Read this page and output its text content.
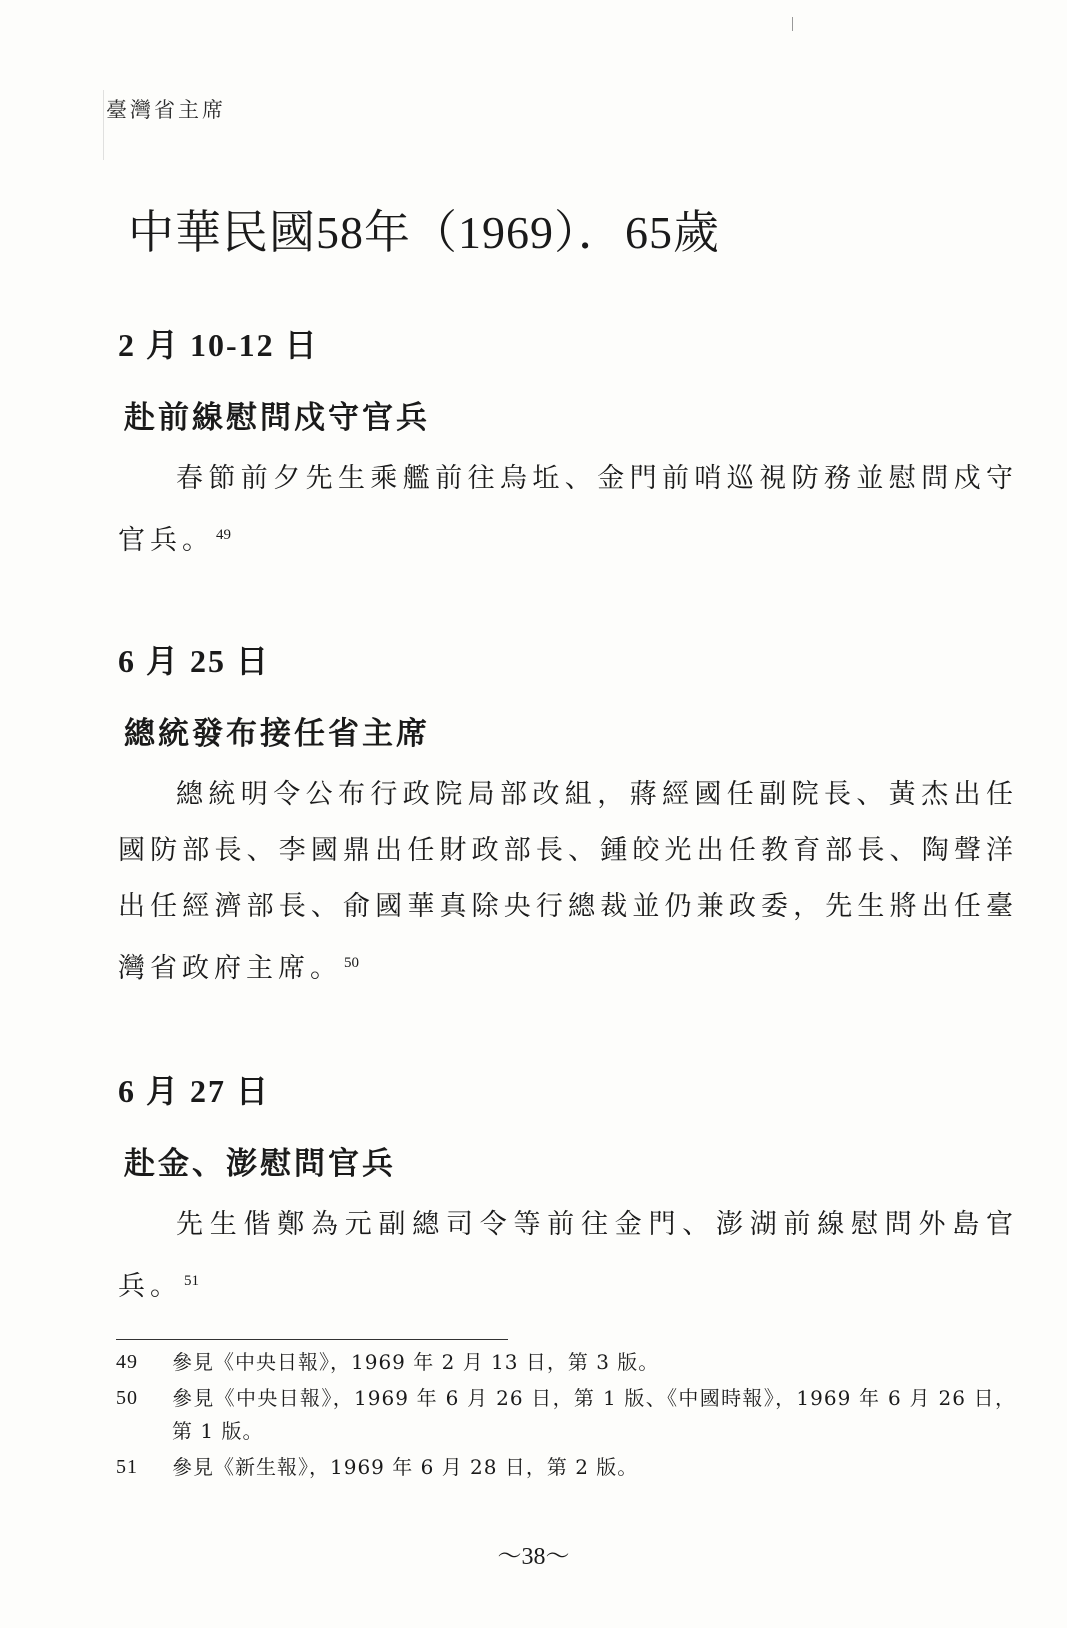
臺灣省主席
中華民國58年（1969）．65歲
2 月 10-12 日
赴前線慰問戍守官兵

春節前夕先生乘艦前往烏坵、金門前哨巡視防務並慰問戍守官兵。 $^{49}$

6 月 25 日
總統發布接任省主席

總統明令公布行政院局部改組，蔣經國任副院長、黃杰出任國防部長、李國鼎出任財政部長、鍾皎光出任教育部長、陶聲洋出任經濟部長、俞國華真除央行總裁並仍兼政委，先生將出任臺灣省政府主席。 $^{50}$

6 月 27 日
赴金、澎慰問官兵

先生偕鄭為元副總司令等前往金門、澎湖前線慰問外島官兵。 $^{51}$

49 參見《中央日報》，1969 年 2 月 13 日，第 3 版。
50 參見《中央日報》，1969 年 6 月 26 日，第 1 版、《中國時報》，1969 年 6 月 26 日，第 1 版。
51 參見《新生報》，1969 年 6 月 28 日，第 2 版。
～38～
